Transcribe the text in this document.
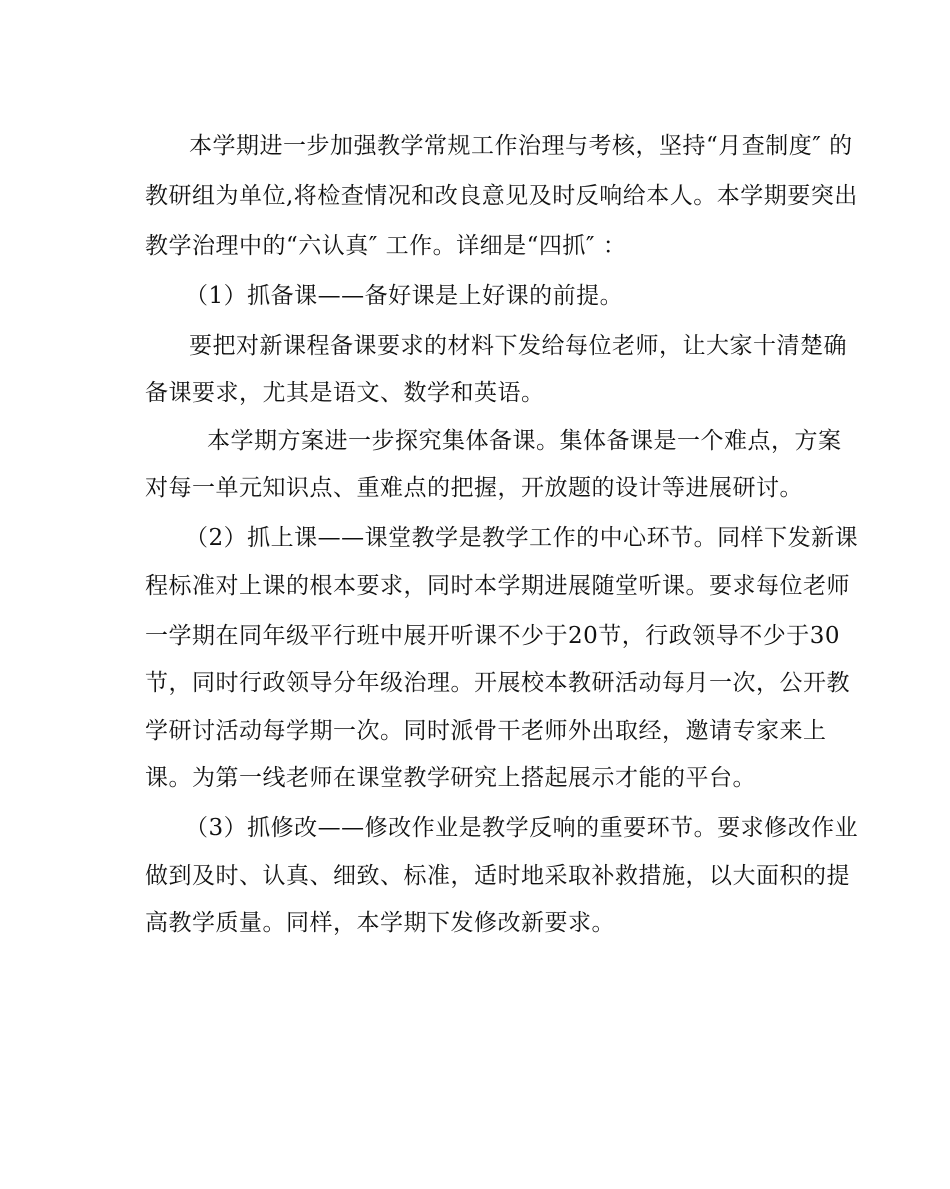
本学期进一步加强教学常规工作治理与考核，坚持“月查制度″ 的
教研组为单位,将检查情况和改良意见及时反响给本人。本学期要突出
教学治理中的“六认真″ 工作。详细是“四抓″ ：
（1）抓备课——备好课是上好课的前提。
要把对新课程备课要求的材料下发给每位老师，让大家十清楚确
备课要求，尤其是语文、数学和英语。
本学期方案进一步探究集体备课。集体备课是一个难点，方案
对每一单元知识点、重难点的把握，开放题的设计等进展研讨。
（2）抓上课——课堂教学是教学工作的中心环节。同样下发新课
程标准对上课的根本要求，同时本学期进展随堂听课。要求每位老师
一学期在同年级平行班中展开听课不少于20节，行政领导不少于30
节，同时行政领导分年级治理。开展校本教研活动每月一次，公开教
学研讨活动每学期一次。同时派骨干老师外出取经，邀请专家来上
课。为第一线老师在课堂教学研究上搭起展示才能的平台。
（3）抓修改——修改作业是教学反响的重要环节。要求修改作业
做到及时、认真、细致、标准，适时地采取补救措施，以大面积的提
高教学质量。同样，本学期下发修改新要求。
